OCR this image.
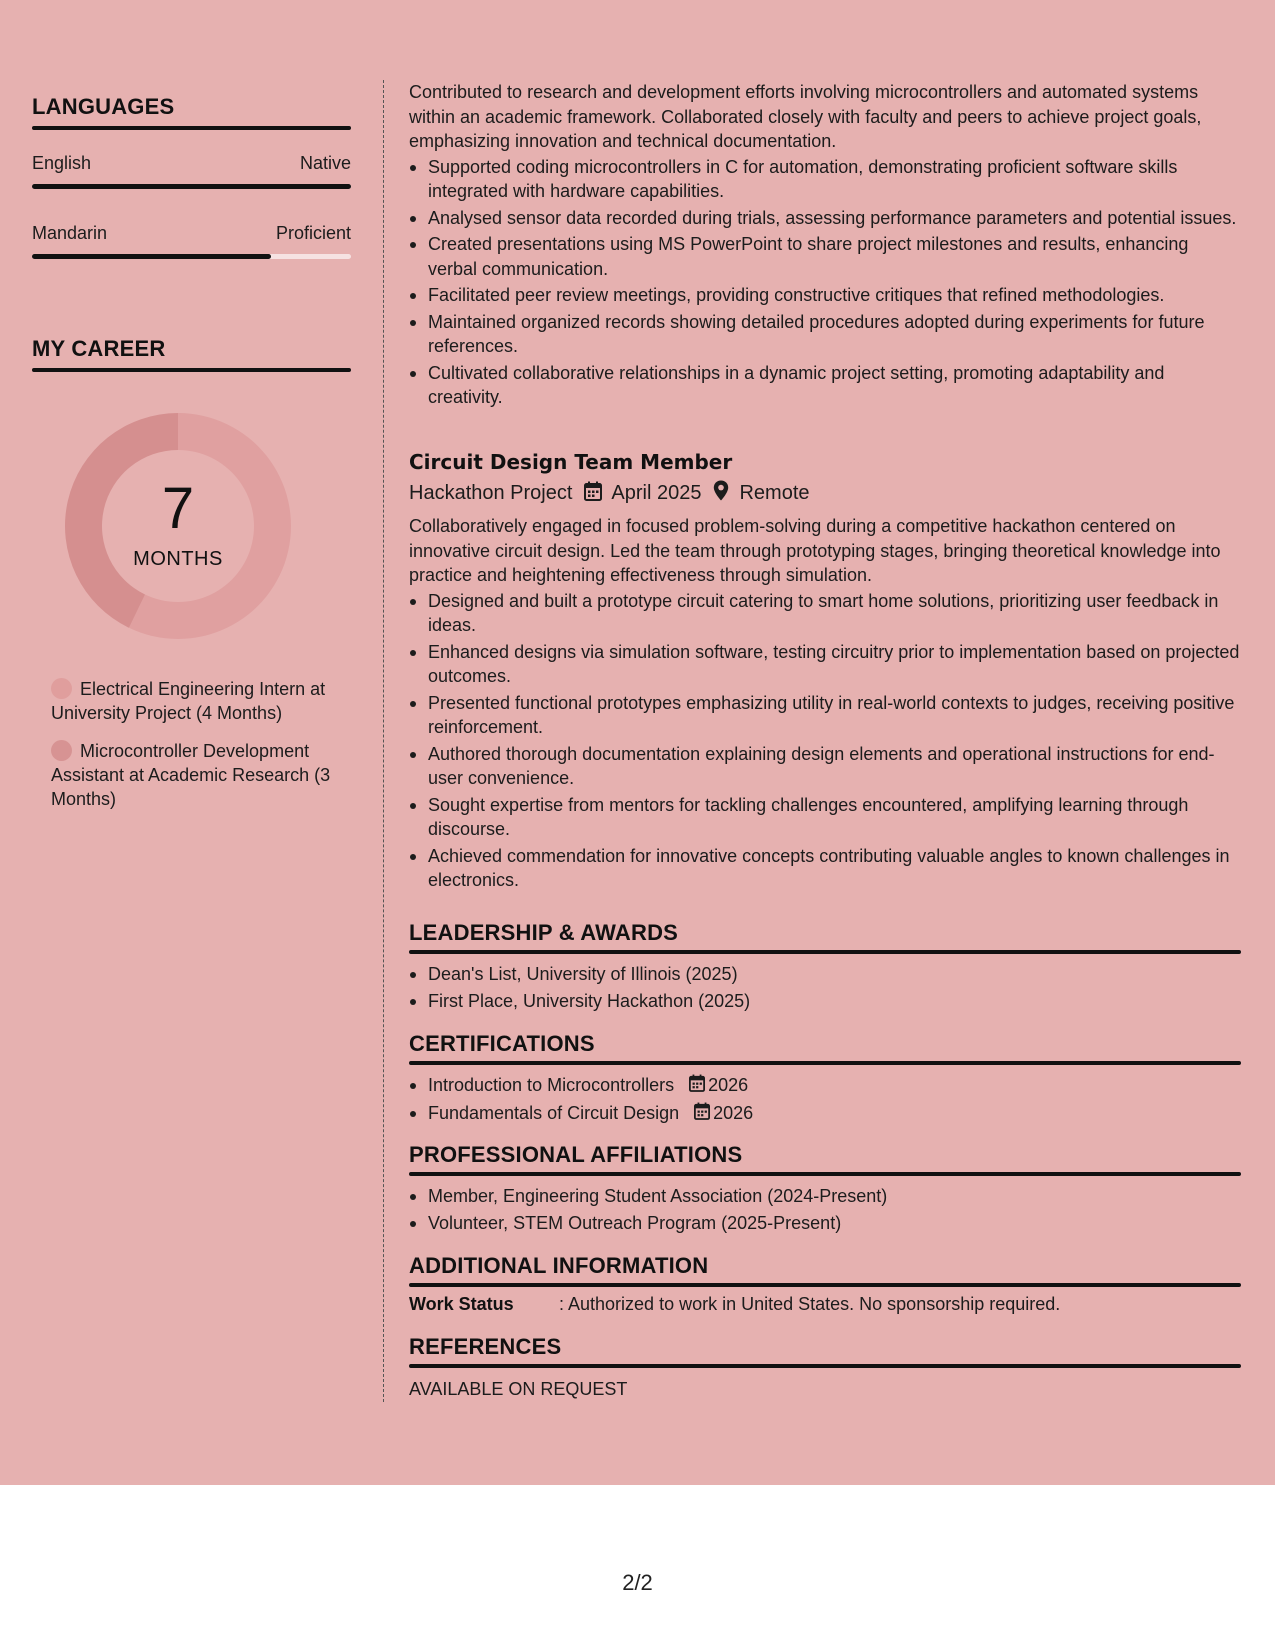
LANGUAGES
English	Native
Mandarin	Proficient
MY CAREER
7
MONTHS
Electrical Engineering Intern at University Project (4 Months)
Microcontroller Development Assistant at Academic Research (3 Months)

Contributed to research and development efforts involving microcontrollers and automated systems within an academic framework. Collaborated closely with faculty and peers to achieve project goals, emphasizing innovation and technical documentation.

Supported coding microcontrollers in C for automation, demonstrating proficient software skills integrated with hardware capabilities.
Analysed sensor data recorded during trials, assessing performance parameters and potential issues.
Created presentations using MS PowerPoint to share project milestones and results, enhancing verbal communication.
Facilitated peer review meetings, providing constructive critiques that refined methodologies.
Maintained organized records showing detailed procedures adopted during experiments for future references.
Cultivated collaborative relationships in a dynamic project setting, promoting adaptability and creativity.
Circuit Design Team Member
Hackathon Project April 2025 Remote

Collaboratively engaged in focused problem-solving during a competitive hackathon centered on innovative circuit design. Led the team through prototyping stages, bringing theoretical knowledge into practice and heightening effectiveness through simulation.

Designed and built a prototype circuit catering to smart home solutions, prioritizing user feedback in ideas.
Enhanced designs via simulation software, testing circuitry prior to implementation based on projected outcomes.
Presented functional prototypes emphasizing utility in real-world contexts to judges, receiving positive reinforcement.
Authored thorough documentation explaining design elements and operational instructions for end-user convenience.
Sought expertise from mentors for tackling challenges encountered, amplifying learning through discourse.
Achieved commendation for innovative concepts contributing valuable angles to known challenges in electronics.
LEADERSHIP & AWARDS
Dean's List, University of Illinois (2025)
First Place, University Hackathon (2025)
CERTIFICATIONS
Introduction to Microcontrollers 2026
Fundamentals of Circuit Design 2026
PROFESSIONAL AFFILIATIONS
Member, Engineering Student Association (2024-Present)
Volunteer, STEM Outreach Program (2025-Present)
ADDITIONAL INFORMATION
Work Status	: Authorized to work in United States. No sponsorship required.
REFERENCES
AVAILABLE ON REQUEST
2/2
